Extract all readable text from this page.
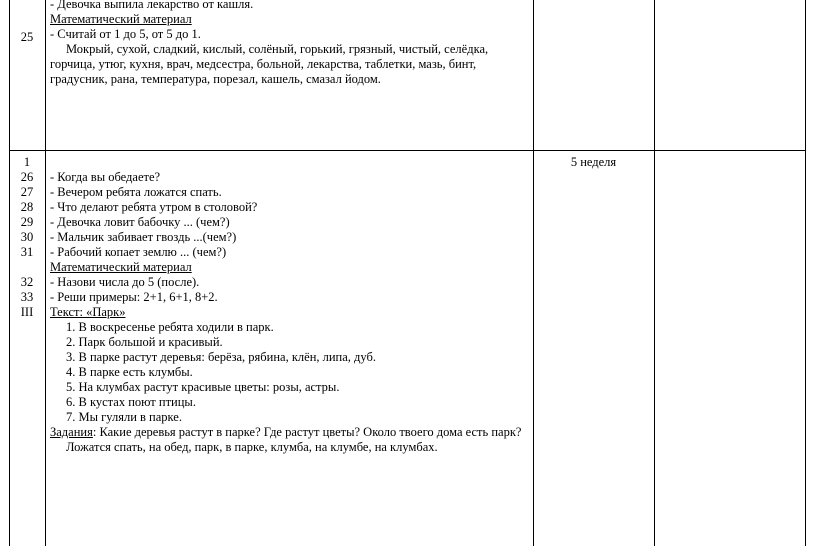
25
- Девочка выпила лекарство от кашля.
Математический материал
- Считай от 1 до 5, от 5 до 1.
Мокрый, сухой, сладкий, кислый, солёный, горький, грязный, чистый, селёдка,
горчица, утюг, кухня, врач, медсестра, больной, лекарства, таблетки, мазь, бинт,
градусник, рана, температура, порезал, кашель, смазал йодом.
1
26
27
28
29
30
31
32
33
III
- Когда вы обедаете?
- Вечером ребята ложатся спать.
- Что делают ребята утром в столовой?
- Девочка ловит бабочку ... (чем?)
- Мальчик забивает гвоздь ...(чем?)
- Рабочий копает землю ... (чем?)
Математический материал
- Назови числа до 5 (после).
- Реши примеры: 2+1, 6+1, 8+2.
Текст: «Парк»
1. В воскресенье ребята ходили в парк.
2. Парк большой и красивый.
3. В парке растут деревья: берёза, рябина, клён, липа, дуб.
4. В парке есть клумбы.
5. На клумбах растут красивые цветы: розы, астры.
6. В кустах поют птицы.
7. Мы гуляли в парке.
Задания: Какие деревья растут в парке? Где растут цветы? Около твоего дома есть парк?
Ложатся спать, на обед, парк, в парке, клумба, на клумбе, на клумбах.
5 неделя
